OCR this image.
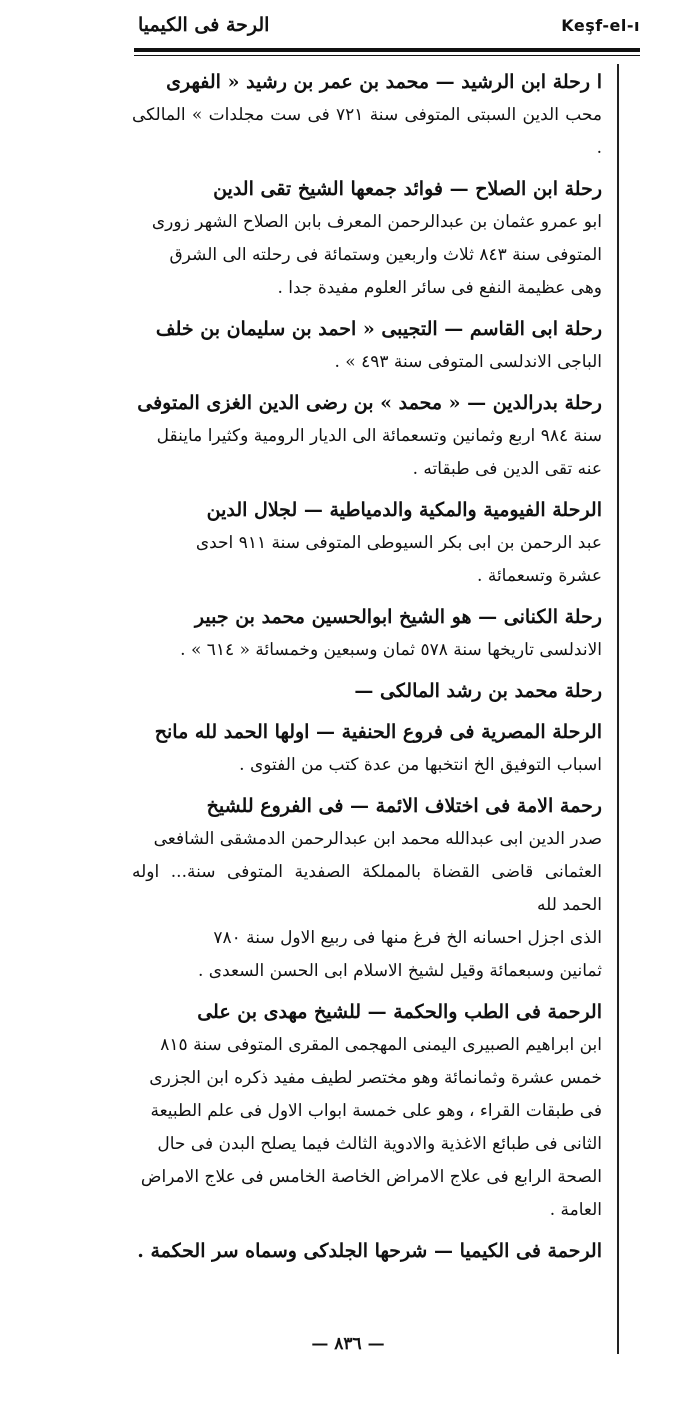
الرحة فى الكيميا	Keşf-el-ı

ا رحلة ابن الرشيد — محمد بن عمر بن رشيد « الفهرى

محب الدين السبتى المتوفى سنة ٧٢١ فى ست مجلدات » المالكى .

رحلة ابن الصلاح — فوائد جمعها الشيخ تقى الدين

ابو عمرو عثمان بن عبدالرحمن المعرف بابن الصلاح الشهر زورى

المتوفى سنة ٨٤٣ ثلاث واربعين وستمائة فى رحلته الى الشرق

وهى عظيمة النفع فى سائر العلوم مفيدة جدا .

رحلة ابى القاسم — التجيبى « احمد بن سليمان بن خلف

الباجى الاندلسى المتوفى سنة ٤٩٣ » .

رحلة بدرالدين — « محمد » بن رضى الدين الغزى المتوفى

سنة ٩٨٤ اربع وثمانين وتسعمائة الى الديار الرومية وكثيرا ماينقل

عنه تقى الدين فى طبقاته .

الرحلة الفيومية والمكية والدمياطية — لجلال الدين

عبد الرحمن بن ابى بكر السيوطى المتوفى سنة ٩١١ احدى

عشرة وتسعمائة .

رحلة الكنانى — هو الشيخ ابوالحسين محمد بن جبير

الاندلسى تاريخها سنة ٥٧٨ ثمان وسبعين وخمسائة « ٦١٤ » .

رحلة محمد بن رشد المالكى —

الرحلة المصرية فى فروع الحنفية — اولها الحمد لله مانح

اسباب التوفيق الخ انتخبها من عدة كتب من الفتوى .

رحمة الامة فى اختلاف الائمة — فى الفروع للشيخ

صدر الدين ابى عبدالله محمد ابن عبدالرحمن الدمشقى الشافعى

العثمانى قاضى القضاة بالمملكة الصفدية المتوفى سنة... اوله الحمد لله

الذى اجزل احسانه الخ فرغ منها فى ربيع الاول سنة ٧٨٠

ثمانين وسبعمائة وقيل لشيخ الاسلام ابى الحسن السعدى .

الرحمة فى الطب والحكمة — للشيخ مهدى بن على

ابن ابراهيم الصبيرى اليمنى المهجمى المقرى المتوفى سنة ٨١٥

خمس عشرة وثمانمائة وهو مختصر لطيف مفيد ذكره ابن الجزرى

فى طبقات القراء ، وهو على خمسة ابواب الاول فى علم الطبيعة

الثانى فى طبائع الاغذية والادوية الثالث فيما يصلح البدن فى حال

الصحة الرابع فى علاج الامراض الخاصة الخامس فى علاج الامراض

العامة .

الرحمة فى الكيميا — شرحها الجلدكى وسماه سر الحكمة .

— ٨٣٦ —
